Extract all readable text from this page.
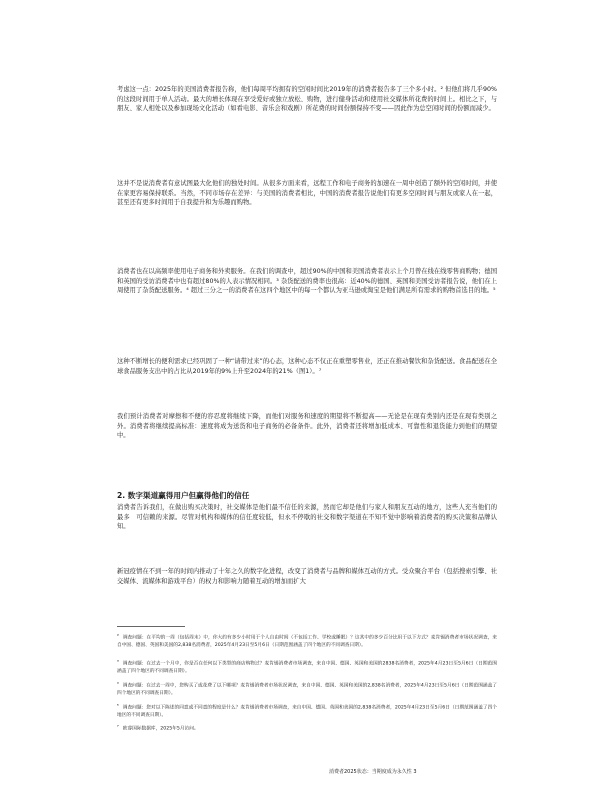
考虑这一点：2025年的美国消费者报告称，他们每周平均拥有的空闲时间比2019年的消费者报告多了三个多小时。² 但他们将几乎90%的这段时间用于单人活动。最大的增长体现在享受爱好或独立放松、购物，进行健身活动和使用社交媒体所花费的时间上。相比之下，与朋友、家人相处以及参加现场文化活动（如看电影、音乐会和戏剧）所花费的时间份额保持不变——因此作为总空闲时间的份额而减少。

这并不是说消费者有意试图最大化他们的独处时间。从很多方面来看，远程工作和电子商务的加速在一周中创造了额外的空闲时间，并使在家更容易保持联系。当然，不同市场存在差异：与美国的消费者相比，中国的消费者报告说他们有更多空闲时间与朋友或家人在一起，甚至还有更多时间用于自我提升和为乐趣而购物。

消费者也在以高频率使用电子商务和外卖服务。在我们的调查中，超过90%的中国和美国消费者表示上个月曾在线在线零售商购物；德国和英国的受访消费者中也有超过80%的人表示情况相同。³ 杂货配送的费率也很高：近40%的德国、英国和美国受访者报告说，他们在上周使用了杂货配送服务。⁴ 超过三分之一的消费者在这四个地区中的每一个都认为亚马逊或淘宝是他们满足所有需求的购物首选目的地。⁵

这种不断增长的便利需求已经巩固了一种“请带过来”的心态，这种心态不仅正在重塑零售业，还正在推动餐饮和杂货配送。食品配送在全球食品服务支出中的占比从2019年的9%上升至2024年的21%（图1）。⁷

我们预计消费者对摩擦和不便的容忍度将继续下降，而他们对服务和速度的期望将不断提高——无论是在现有类别内还是在现有类别之外。消费者将继续提高标准：速度将成为送货和电子商务的必备条件。此外，消费者还将增加低成本、可靠性和退货能力到他们的期望中。

2. 数字渠道赢得用户但赢得他们的信任

消费者告诉我们，在做出购买决策时，社交媒体是他们最不信任的来源，然而它却是他们与家人和朋友互动的地方，这些人充当他们的　最多　可信赖的来源。尽管对机构和媒体的信任度较低，但永不停歇的社交和数字渠道在不知不觉中影响着消费者的购买决策和品牌认知。

新冠疫情在不到一年的时间内推动了十年之久的数字化进程，改变了消费者与品牌和媒体互动的方式。受众聚合平台（包括搜索引擎、社交媒体、流媒体和游戏平台）的权力和影响力随着互动的增加而扩大

$^{^2}$ 调查问题：在平均的一周（包括周末）中，你大约有多少小时用于个人自由时间（不包括工作、学校或睡眠）？这其中的多少百分比用于以下方式？麦肯锡消费者市场状况调查，来自中国、德国、英国和美国的2,838名消费者，2025年4月23日至5月6日（日期范围涵盖了四个地区的不同调查日期）。

$^{^3}$ 调查问题：在过去一个月中，你是否在任何以下类型的商店购物过？麦肯锡消费者市场调查，来自中国、德国、英国和美国的2838名消费者，2025年4月23日至5月6日（日期范围涵盖了四个地区的不同调查日期）。

$^{^4}$ 调查问题：在过去一周中，您购买了或花费了以下哪项？麦肯锡消费者市场状况调查，来自中国、德国、英国和美国的2,838名消费者，2025年4月23日至5月6日（日期范围涵盖了四个地区的不同调查日期）。

$^{^5}$ 调查问题：您对以下陈述的同意或不同意的程度是什么？麦肯锡消费者市场调查，来自中国、德国、英国和美国的2,838名消费者，2025年4月23日至5月6日（日期范围涵盖了四个地区的不同调查日期）。

$^{^7}$ 欧睿国际数据库，2025年5月访问。

消费者2025状态：当期度成为永久性 3
